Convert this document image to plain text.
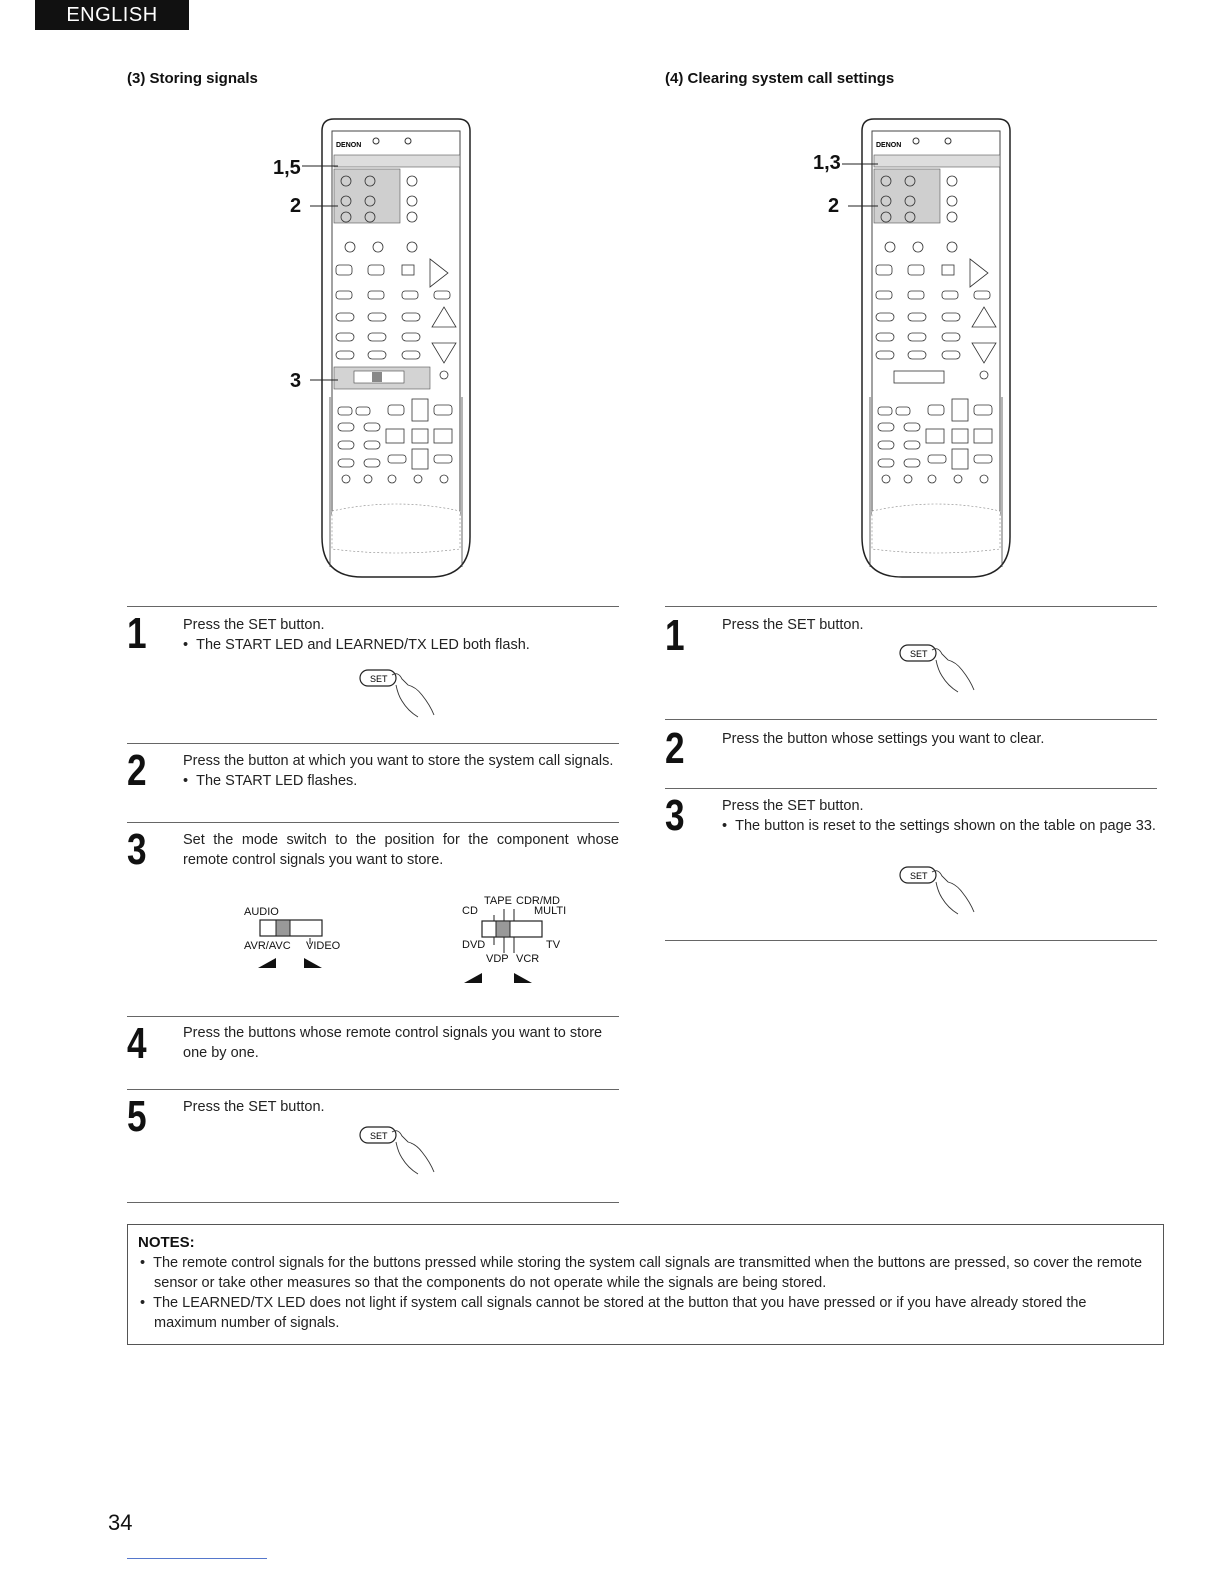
ENGLISH
(3) Storing signals	(4) Clearing system call settings
DENON
1,5
2
3
DENON
1,3
2
1	Press the SET button.
•  The START LED and LEARNED/TX LED both flash.
SET
2	Press the button at which you want to store the system call signals.
•  The START LED flashes.
3	Set the mode switch to the position for the component whose remote control signals you want to store.
AUDIO
AVR/AVC VIDEO
TAPE CDR/MD
CD	MULTI
DVD	TV
VDP VCR
4	Press the buttons whose remote control signals you want to store one by one.
5	Press the SET button.
SET
1	Press the SET button.
SET
2	Press the button whose settings you want to clear.
3	Press the SET button.
•  The button is reset to the settings shown on the table on page 33.
SET
NOTES:
•  The remote control signals for the buttons pressed while storing the system call signals are transmitted when the buttons are pressed, so cover the remote sensor or take other measures so that the components do not operate while the signals are being stored.
•  The LEARNED/TX LED does not light if system call signals cannot be stored at the button that you have pressed or if you have already stored the maximum number of signals.
34
